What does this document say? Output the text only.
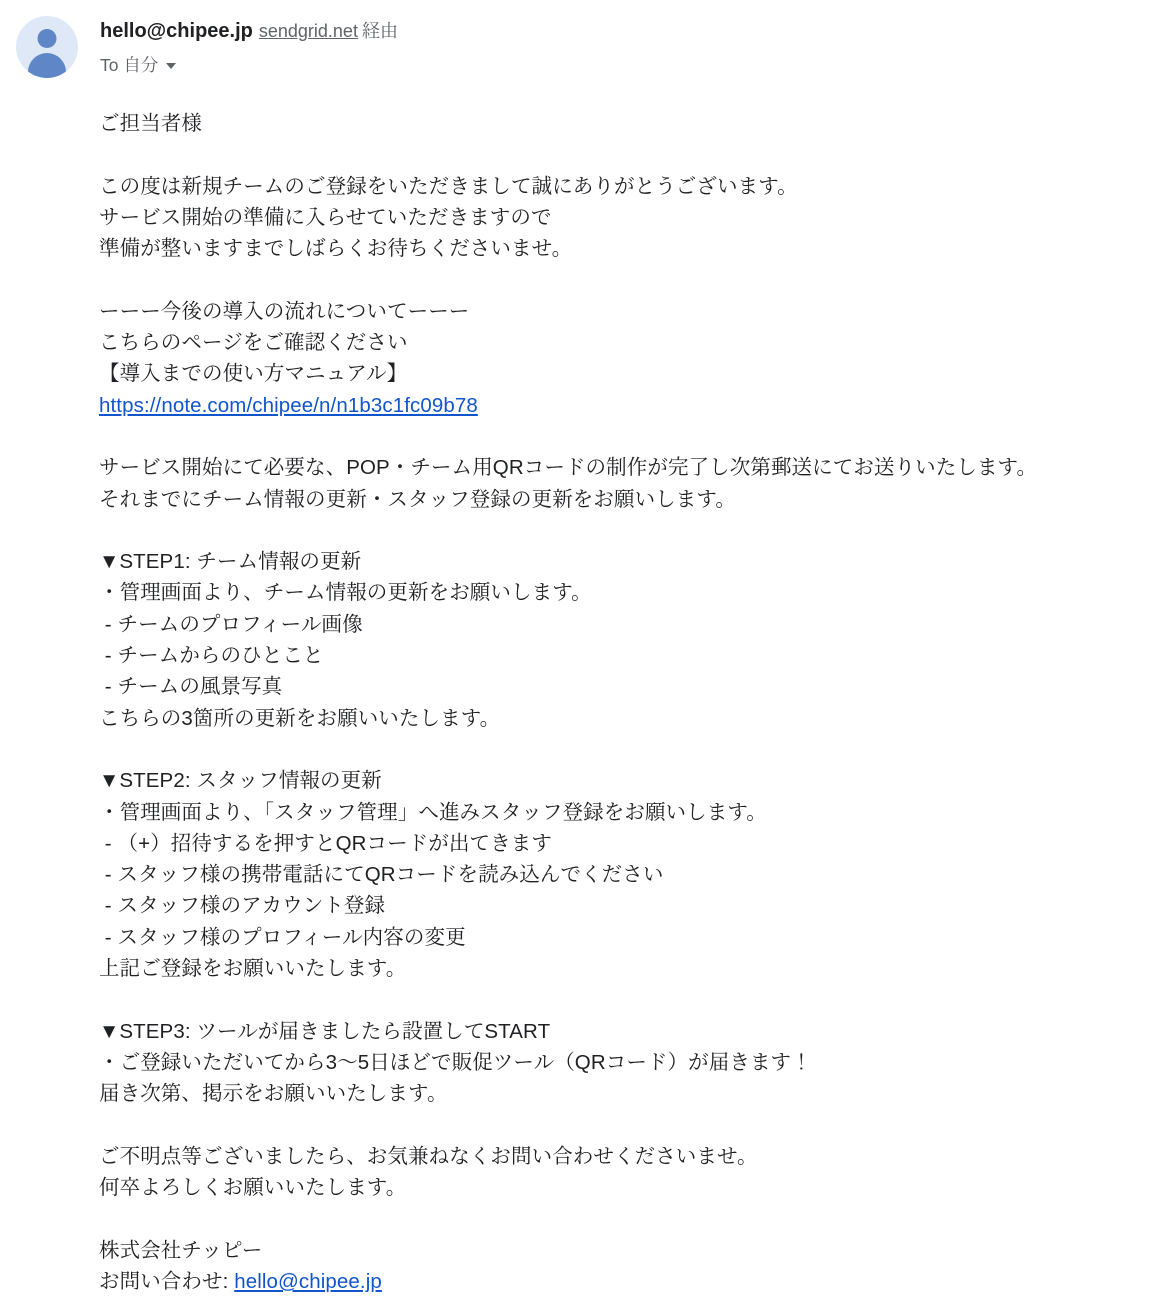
hello@chipee.jp sendgrid.net 経由
To 自分
ご担当者様

この度は新規チームのご登録をいただきまして誠にありがとうございます。
サービス開始の準備に入らせていただきますので
準備が整いますまでしばらくお待ちくださいませ。

ーーー今後の導入の流れについてーーー
こちらのページをご確認ください
【導入までの使い方マニュアル】
https://note.com/chipee/n/n1b3c1fc09b78

サービス開始にて必要な、POP・チーム用QRコードの制作が完了し次第郵送にてお送りいたします。
それまでにチーム情報の更新・スタッフ登録の更新をお願いします。

▼STEP1: チーム情報の更新
・管理画面より、チーム情報の更新をお願いします。
- チームのプロフィール画像
- チームからのひとこと
- チームの風景写真
こちらの3箇所の更新をお願いいたします。

▼STEP2: スタッフ情報の更新
・管理画面より、「スタッフ管理」へ進みスタッフ登録をお願いします。
- （+）招待するを押すとQRコードが出てきます
- スタッフ様の携帯電話にてQRコードを読み込んでください
- スタッフ様のアカウント登録
- スタッフ様のプロフィール内容の変更
上記ご登録をお願いいたします。

▼STEP3: ツールが届きましたら設置してSTART
・ご登録いただいてから3〜5日ほどで販促ツール（QRコード）が届きます！
届き次第、掲示をお願いいたします。

ご不明点等ございましたら、お気兼ねなくお問い合わせくださいませ。
何卒よろしくお願いいたします。

株式会社チッピー
お問い合わせ: hello@chipee.jp
